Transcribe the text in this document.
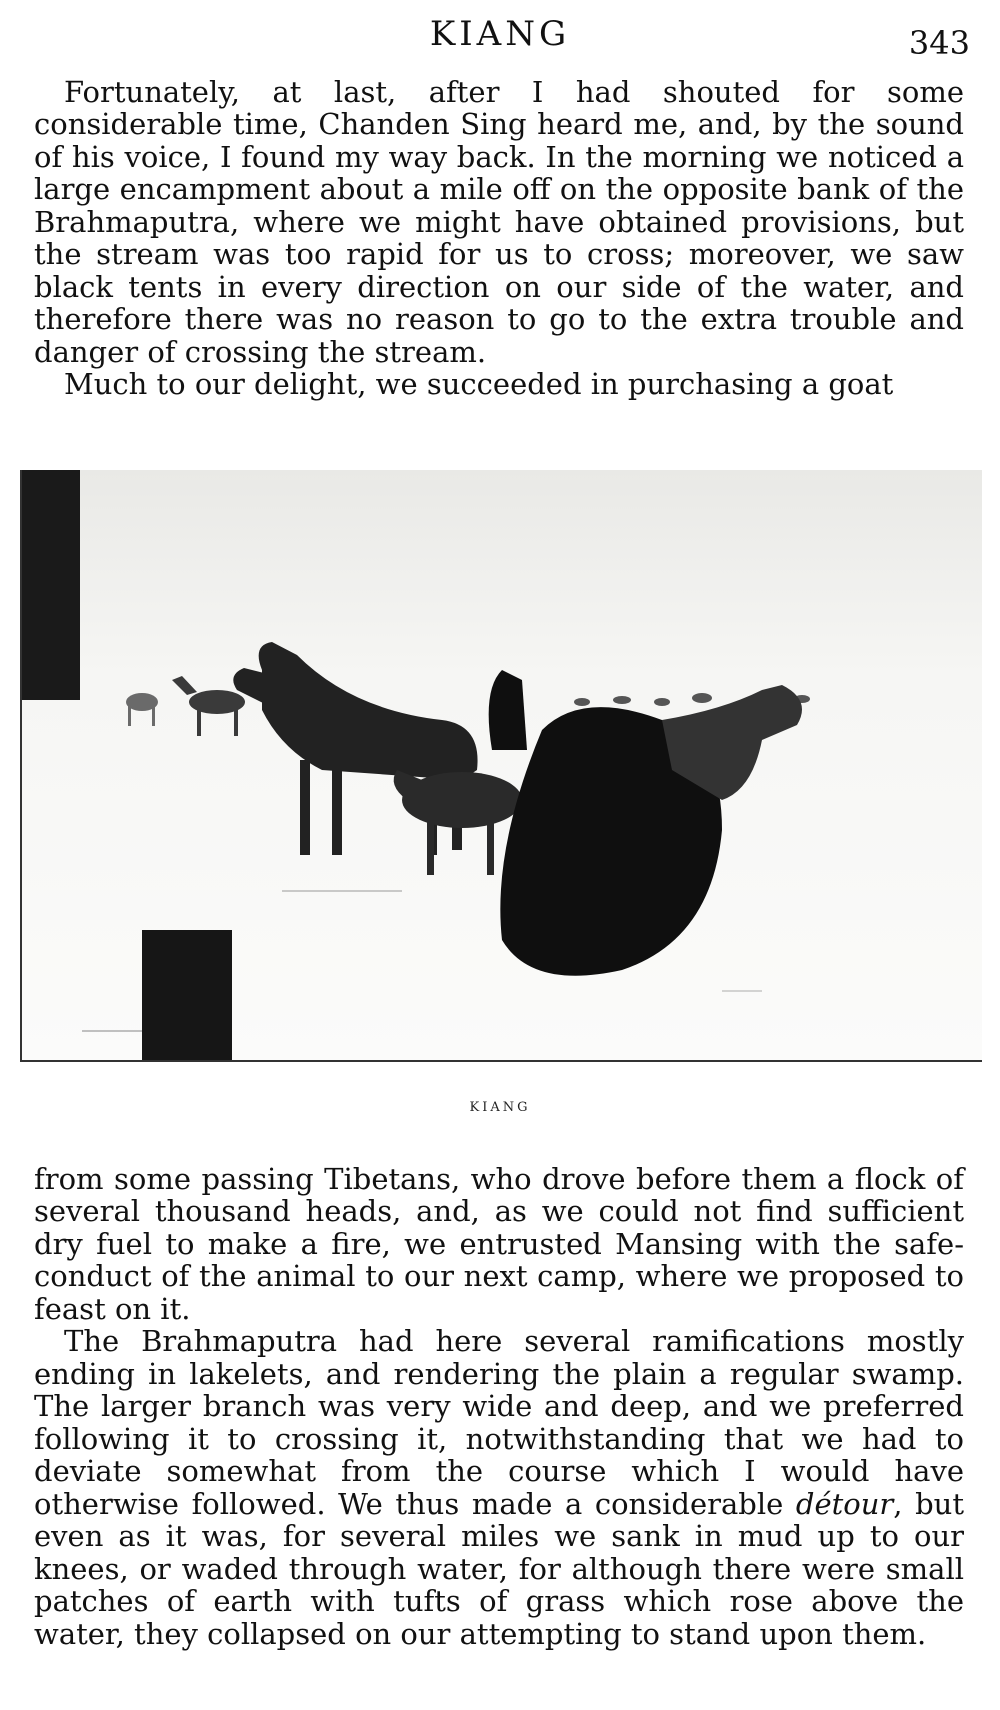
KIANG	343

Fortunately, at last, after I had shouted for some considerable time, Chanden Sing heard me, and, by the sound of his voice, I found my way back. In the morning we noticed a large encampment about a mile off on the opposite bank of the Brahmaputra, where we might have obtained provisions, but the stream was too rapid for us to cross; moreover, we saw black tents in every direction on our side of the water, and therefore there was no reason to go to the extra trouble and danger of crossing the stream.

Much to our delight, we succeeded in purchasing a goat

KIANG

from some passing Tibetans, who drove before them a flock of several thousand heads, and, as we could not find sufficient dry fuel to make a fire, we entrusted Mansing with the safe-conduct of the animal to our next camp, where we proposed to feast on it.

The Brahmaputra had here several ramifications mostly ending in lakelets, and rendering the plain a regular swamp. The larger branch was very wide and deep, and we preferred following it to crossing it, notwithstanding that we had to deviate somewhat from the course which I would have otherwise followed. We thus made a considerable détour, but even as it was, for several miles we sank in mud up to our knees, or waded through water, for although there were small patches of earth with tufts of grass which rose above the water, they collapsed on our attempting to stand upon them.
